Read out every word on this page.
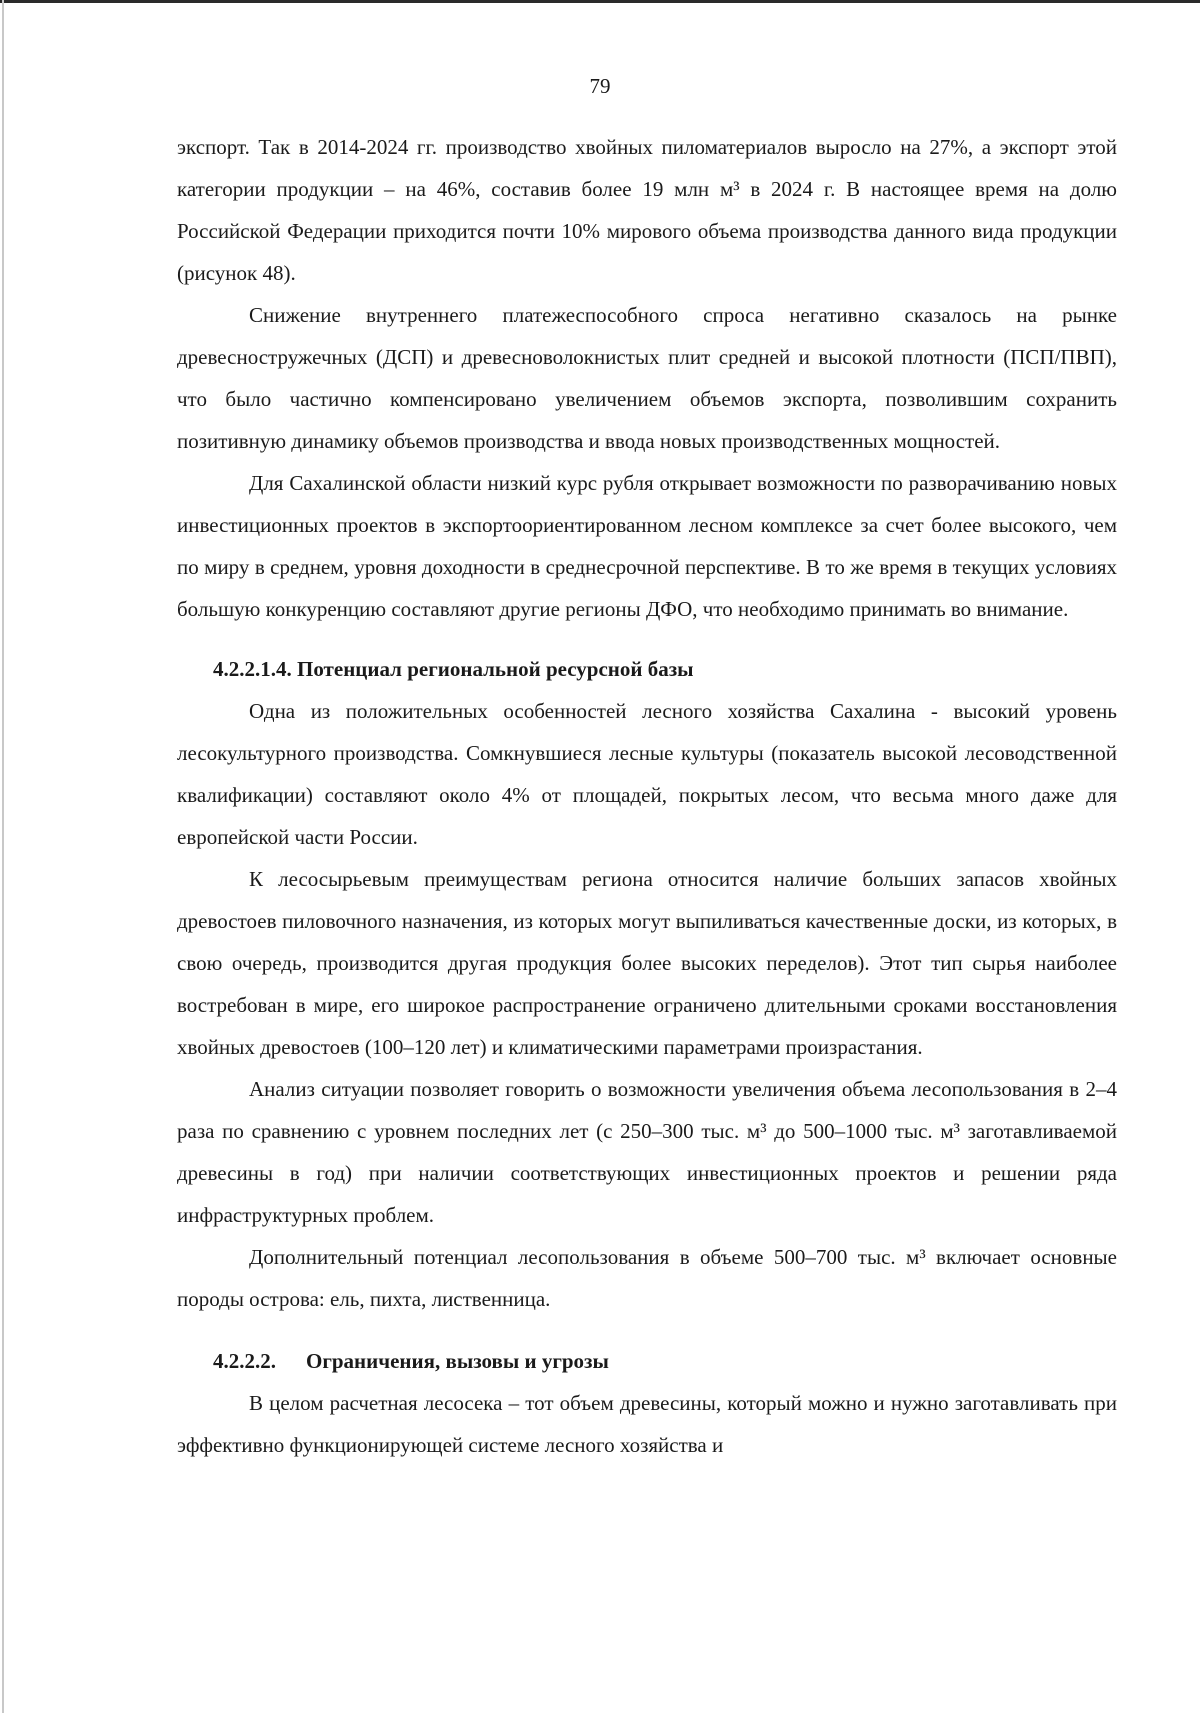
79

экспорт. Так в 2014-2024 гг. производство хвойных пиломатериалов выросло на 27%, а экспорт этой категории продукции – на 46%, составив более 19 млн м³ в 2024 г. В настоящее время на долю Российской Федерации приходится почти 10% мирового объема производства данного вида продукции (рисунок 48).

Снижение внутреннего платежеспособного спроса негативно сказалось на рынке древесностружечных (ДСП) и древесноволокнистых плит средней и высокой плотности (ПСП/ПВП), что было частично компенсировано увеличением объемов экспорта, позволившим сохранить позитивную динамику объемов производства и ввода новых производственных мощностей.

Для Сахалинской области низкий курс рубля открывает возможности по разворачиванию новых инвестиционных проектов в экспортоориентированном лесном комплексе за счет более высокого, чем по миру в среднем, уровня доходности в среднесрочной перспективе. В то же время в текущих условиях большую конкуренцию составляют другие регионы ДФО, что необходимо принимать во внимание.

4.2.2.1.4. Потенциал региональной ресурсной базы

Одна из положительных особенностей лесного хозяйства Сахалина - высокий уровень лесокультурного производства. Сомкнувшиеся лесные культуры (показатель высокой лесоводственной квалификации) составляют около 4% от площадей, покрытых лесом, что весьма много даже для европейской части России.

К лесосырьевым преимуществам региона относится наличие больших запасов хвойных древостоев пиловочного назначения, из которых могут выпиливаться качественные доски, из которых, в свою очередь, производится другая продукция более высоких переделов). Этот тип сырья наиболее востребован в мире, его широкое распространение ограничено длительными сроками восстановления хвойных древостоев (100–120 лет) и климатическими параметрами произрастания.

Анализ ситуации позволяет говорить о возможности увеличения объема лесопользования в 2–4 раза по сравнению с уровнем последних лет (с 250–300 тыс. м³ до 500–1000 тыс. м³ заготавливаемой древесины в год) при наличии соответствующих инвестиционных проектов и решении ряда инфраструктурных проблем.

Дополнительный потенциал лесопользования в объеме 500–700 тыс. м³ включает основные породы острова: ель, пихта, лиственница.

4.2.2.2. Ограничения, вызовы и угрозы

В целом расчетная лесосека – тот объем древесины, который можно и нужно заготавливать при эффективно функционирующей системе лесного хозяйства и
